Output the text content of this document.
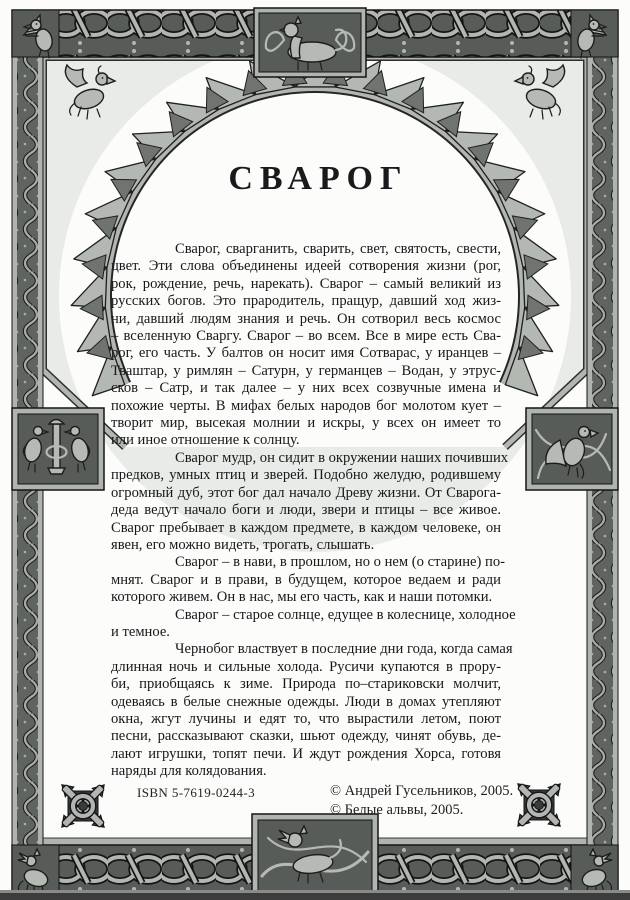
СВАРОГ
Сварог, сварганить, сварить, свет, святость, свести,
цвет. Эти слова объединены идеей сотворения жизни (рог,
рок, рождение, речь, нарекать). Сварог – самый великий из
русских богов. Это прародитель, пращур, давший ход жиз-
ни, давший людям знания и речь. Он сотворил весь космос
– вселенную Сваргу. Сварог – во всем. Все в мире есть Сва-
рог, его часть. У балтов он носит имя Сотварас, у иранцев –
Тваштар, у римлян – Сатурн, у германцев – Водан, у этрус-
сков – Сатр, и так далее – у них всех созвучные имена и
похожие черты. В мифах белых народов бог молотом кует –
творит мир, высекая молнии и искры, у всех он имеет то
или иное отношение к солнцу.
Сварог мудр, он сидит в окружении наших почивших
предков, умных птиц и зверей. Подобно желудю, родившему
огромный дуб, этот бог дал начало Древу жизни. От Сварога-
деда ведут начало боги и люди, звери и птицы – все живое.
Сварог пребывает в каждом предмете, в каждом человеке, он
явен, его можно видеть, трогать, слышать.
Сварог – в нави, в прошлом, но о нем (о старине) по-
мнят. Сварог и в прави, в будущем, которое ведаем и ради
которого живем. Он в нас, мы его часть, как и наши потомки.
Сварог – старое солнце, едущее в колеснице, холодное
и темное.
Чернобог властвует в последние дни года, когда самая
длинная ночь и сильные холода. Русичи купаются в прору-
би, приобщаясь к зиме. Природа по–стариковски молчит,
одеваясь в белые снежные одежды. Люди в домах утепляют
окна, жгут лучины и едят то, что вырастили летом, поют
песни, рассказывают сказки, шьют одежду, чинят обувь, де-
лают игрушки, топят печи. И ждут рождения Хорса, готовя
наряды для колядования.
ISBN 5-7619-0244-3	© Андрей Гусельников, 2005.
© Белые альвы, 2005.
